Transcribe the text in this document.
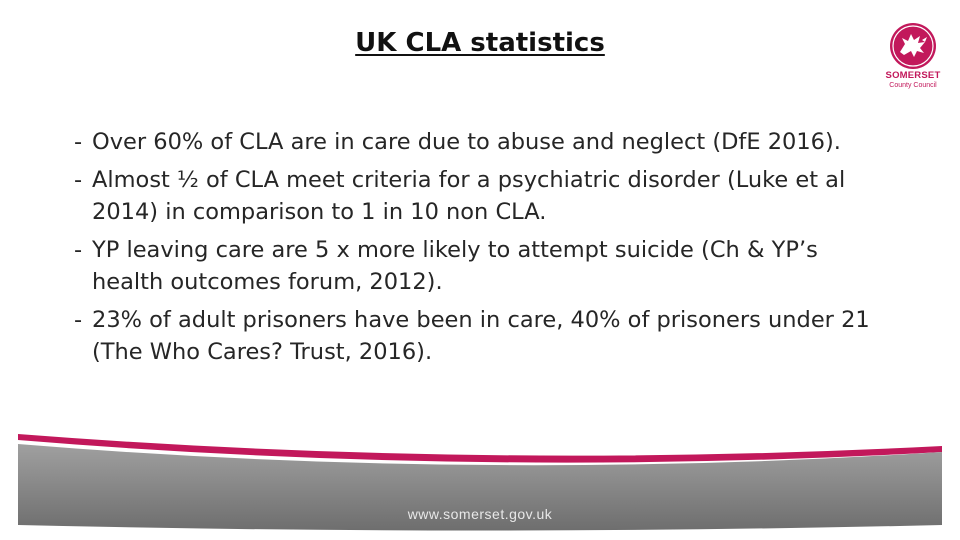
UK CLA statistics
SOMERSET
County Council
- Over 60% of CLA are in care due to abuse and neglect (DfE 2016).
- Almost ½ of CLA meet criteria for a psychiatric disorder (Luke et al 2014) in comparison to 1 in 10 non CLA.
- YP leaving care are 5 x more likely to attempt suicide (Ch & YP’s health outcomes forum, 2012).
- 23% of adult prisoners have been in care, 40% of prisoners under 21 (The Who Cares? Trust, 2016).
www.somerset.gov.uk
